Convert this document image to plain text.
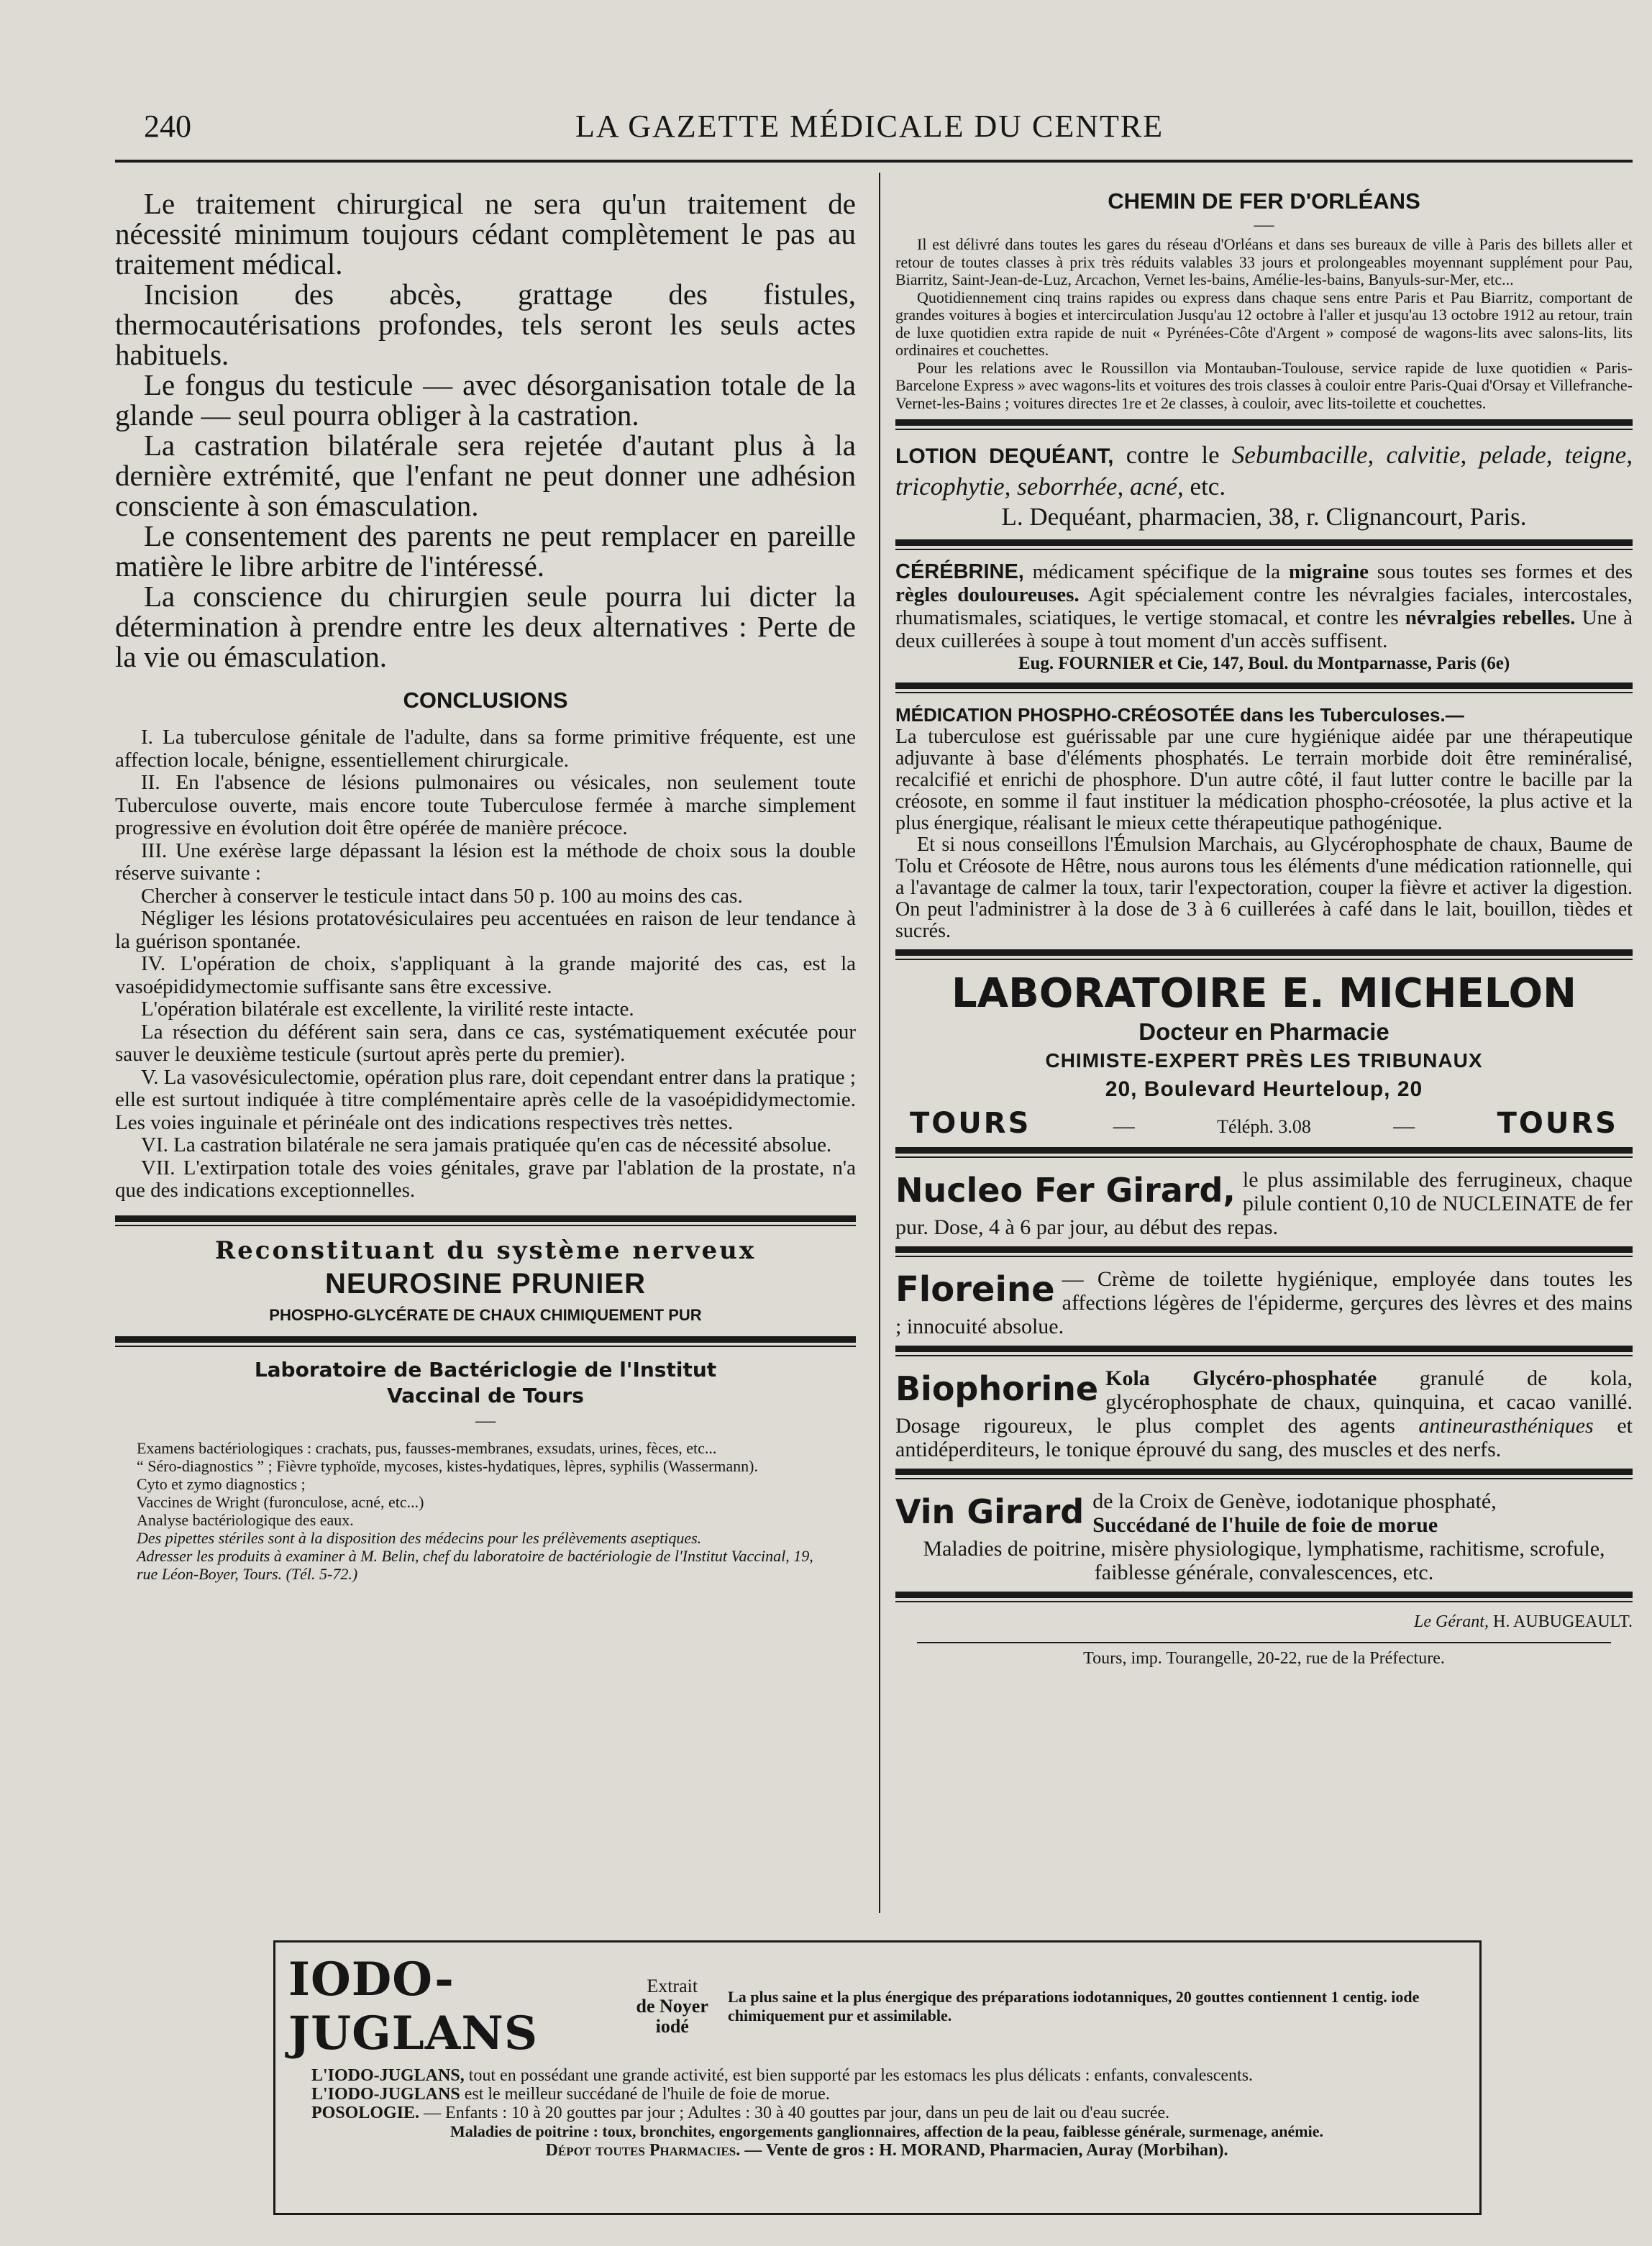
240	LA GAZETTE MÉDICALE DU CENTRE

Le traitement chirurgical ne sera qu'un traitement de nécessité minimum toujours cédant complètement le pas au traitement médical.

Incision des abcès, grattage des fistules, thermocautérisations profondes, tels seront les seuls actes habituels.

Le fongus du testicule — avec désorganisation totale de la glande — seul pourra obliger à la castration.

La castration bilatérale sera rejetée d'autant plus à la dernière extrémité, que l'enfant ne peut donner une adhésion consciente à son émasculation.

Le consentement des parents ne peut remplacer en pareille matière le libre arbitre de l'intéressé.

La conscience du chirurgien seule pourra lui dicter la détermination à prendre entre les deux alternatives : Perte de la vie ou émasculation.

CONCLUSIONS

I. La tuberculose génitale de l'adulte, dans sa forme primitive fréquente, est une affection locale, bénigne, essentiellement chirurgicale.

II. En l'absence de lésions pulmonaires ou vésicales, non seulement toute Tuberculose ouverte, mais encore toute Tuberculose fermée à marche simplement progressive en évolution doit être opérée de manière précoce.

III. Une exérèse large dépassant la lésion est la méthode de choix sous la double réserve suivante :

Chercher à conserver le testicule intact dans 50 p. 100 au moins des cas.

Négliger les lésions protatovésiculaires peu accentuées en raison de leur tendance à la guérison spontanée.

IV. L'opération de choix, s'appliquant à la grande majorité des cas, est la vasoépididymectomie suffisante sans être excessive.

L'opération bilatérale est excellente, la virilité reste intacte.

La résection du déférent sain sera, dans ce cas, systématiquement exécutée pour sauver le deuxième testicule (surtout après perte du premier).

V. La vasovésiculectomie, opération plus rare, doit cependant entrer dans la pratique ; elle est surtout indiquée à titre complémentaire après celle de la vasoépididymectomie. Les voies inguinale et périnéale ont des indications respectives très nettes.

VI. La castration bilatérale ne sera jamais pratiquée qu'en cas de nécessité absolue.

VII. L'extirpation totale des voies génitales, grave par l'ablation de la prostate, n'a que des indications exceptionnelles.

Reconstituant du système nerveux
NEUROSINE PRUNIER
PHOSPHO-GLYCÉRATE DE CHAUX CHIMIQUEMENT PUR
Laboratoire de Bactériclogie de l'Institut
Vaccinal de Tours
—
Examens bactériologiques : crachats, pus, fausses-membranes, exsudats, urines, fèces, etc...
“ Séro-diagnostics ” ; Fièvre typhoïde, mycoses, kistes-hydatiques, lèpres, syphilis (Wassermann).
Cyto et zymo diagnostics ;
Vaccines de Wright (furonculose, acné, etc...)
Analyse bactériologique des eaux.
Des pipettes stériles sont à la disposition des médecins pour les prélèvements aseptiques.
Adresser les produits à examiner à M. Belin, chef du laboratoire de bactériologie de l'Institut Vaccinal, 19, rue Léon-Boyer, Tours. (Tél. 5-72.)
CHEMIN DE FER D'ORLÉANS
—

Il est délivré dans toutes les gares du réseau d'Orléans et dans ses bureaux de ville à Paris des billets aller et retour de toutes classes à prix très réduits valables 33 jours et prolongeables moyennant supplément pour Pau, Biarritz, Saint-Jean-de-Luz, Arcachon, Vernet les-bains, Amélie-les-bains, Banyuls-sur-Mer, etc...

Quotidiennement cinq trains rapides ou express dans chaque sens entre Paris et Pau Biarritz, comportant de grandes voitures à bogies et intercirculation Jusqu'au 12 octobre à l'aller et jusqu'au 13 octobre 1912 au retour, train de luxe quotidien extra rapide de nuit « Pyrénées-Côte d'Argent » composé de wagons-lits avec salons-lits, lits ordinaires et couchettes.

Pour les relations avec le Roussillon via Montauban-Toulouse, service rapide de luxe quotidien « Paris-Barcelone Express » avec wagons-lits et voitures des trois classes à couloir entre Paris-Quai d'Orsay et Villefranche-Vernet-les-Bains ; voitures directes 1re et 2e classes, à couloir, avec lits-toilette et couchettes.

LOTION DEQUÉANT, contre le Sebumbacille, calvitie, pelade, teigne, tricophytie, seborrhée, acné, etc.
L. Dequéant, pharmacien, 38, r. Clignancourt, Paris.
CÉRÉBRINE, médicament spécifique de la migraine sous toutes ses formes et des règles douloureuses. Agit spécialement contre les névralgies faciales, intercostales, rhumatismales, sciatiques, le vertige stomacal, et contre les névralgies rebelles. Une à deux cuillerées à soupe à tout moment d'un accès suffisent.
Eug. FOURNIER et Cie, 147, Boul. du Montparnasse, Paris (6e)
MÉDICATION PHOSPHO-CRÉOSOTÉE dans les Tuberculoses.—

La tuberculose est guérissable par une cure hygiénique aidée par une thérapeutique adjuvante à base d'éléments phosphatés. Le terrain morbide doit être reminéralisé, recalcifié et enrichi de phosphore. D'un autre côté, il faut lutter contre le bacille par la créosote, en somme il faut instituer la médication phospho-créosotée, la plus active et la plus énergique, réalisant le mieux cette thérapeutique pathogénique.

Et si nous conseillons l'Émulsion Marchais, au Glycérophosphate de chaux, Baume de Tolu et Créosote de Hêtre, nous aurons tous les éléments d'une médication rationnelle, qui a l'avantage de calmer la toux, tarir l'expectoration, couper la fièvre et activer la digestion. On peut l'administrer à la dose de 3 à 6 cuillerées à café dans le lait, bouillon, tièdes et sucrés.

LABORATOIRE E. MICHELON
Docteur en Pharmacie
CHIMISTE-EXPERT PRÈS LES TRIBUNAUX
20, Boulevard Heurteloup, 20
TOURS	—	Téléph. 3.08	—	TOURS
Nucleo Fer Girard, le plus assimilable des ferrugineux, chaque pilule contient 0,10 de NUCLEINATE de fer pur. Dose, 4 à 6 par jour, au début des repas.
Floreine — Crème de toilette hygiénique, employée dans toutes les affections légères de l'épiderme, gerçures des lèvres et des mains ; innocuité absolue.
Biophorine Kola Glycéro-phosphatée granulé de kola, glycérophosphate de chaux, quinquina, et cacao vanillé. Dosage rigoureux, le plus complet des agents antineurasthéniques et antidéperditeurs, le tonique éprouvé du sang, des muscles et des nerfs.
Vin Girard de la Croix de Genève, iodotanique phosphaté,
Succédané de l'huile de foie de morue
Maladies de poitrine, misère physiologique, lymphatisme, rachitisme, scrofule, faiblesse générale, convalescences, etc.
Le Gérant, H. AUBUGEAULT.
Tours, imp. Tourangelle, 20-22, rue de la Préfecture.
IODO-JUGLANS
Extrait
de Noyer iodé
La plus saine et la plus énergique des préparations iodotanniques, 20 gouttes contiennent 1 centig. iode chimiquement pur et assimilable.
L'IODO-JUGLANS, tout en possédant une grande activité, est bien supporté par les estomacs les plus délicats : enfants, convalescents.
L'IODO-JUGLANS est le meilleur succédané de l'huile de foie de morue.
POSOLOGIE. — Enfants : 10 à 20 gouttes par jour ; Adultes : 30 à 40 gouttes par jour, dans un peu de lait ou d'eau sucrée.
Maladies de poitrine : toux, bronchites, engorgements ganglionnaires, affection de la peau, faiblesse générale, surmenage, anémie.
Dépot toutes Pharmacies. — Vente de gros : H. MORAND, Pharmacien, Auray (Morbihan).
